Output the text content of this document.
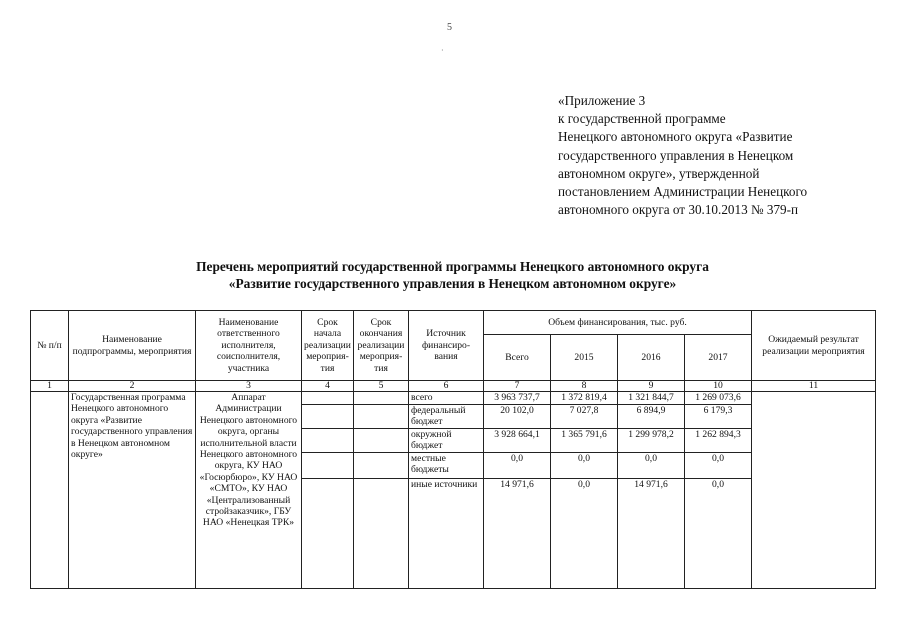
5
·
«Приложение 3
к государственной программе
Ненецкого автономного округа «Развитие
государственного управления в Ненецком
автономном округе», утвержденной
постановлением Администрации Ненецкого
автономного округа от 30.10.2013 № 379-п
Перечень мероприятий государственной программы Ненецкого автономного округа
«Развитие государственного управления в Ненецком автономном округе»
№ п/п	Наименование подпрограммы, мероприятия	Наименование ответственного исполнителя, соисполнителя, участника	Срок начала реализации мероприя-тия	Срок окончания реализации мероприя-тия	Источник финансиро-вания	Объем финансирования, тыс. руб.				Ожидаемый результат реализации мероприятия
						Всего	2015	2016	2017	
1	2	3	4	5	6	7	8	9	10	11
	Государственная программа Ненецкого автономного округа «Развитие государственного управления в Ненецком автономном округе»	Аппарат Администрации Ненецкого автономного округа, органы исполнительной власти Ненецкого автономного округа, КУ НАО «Госюрбюро», КУ НАО «СМТО», КУ НАО «Централизованный стройзаказчик», ГБУ НАО «Ненецкая ТРК»			всего	3 963 737,7	1 372 819,4	1 321 844,7	1 269 073,6	
					федеральный бюджет	20 102,0	7 027,8	6 894,9	6 179,3	
					окружной бюджет	3 928 664,1	1 365 791,6	1 299 978,2	1 262 894,3	
					местные бюджеты	0,0	0,0	0,0	0,0	
					иные источники	14 971,6	0,0	14 971,6	0,0	
